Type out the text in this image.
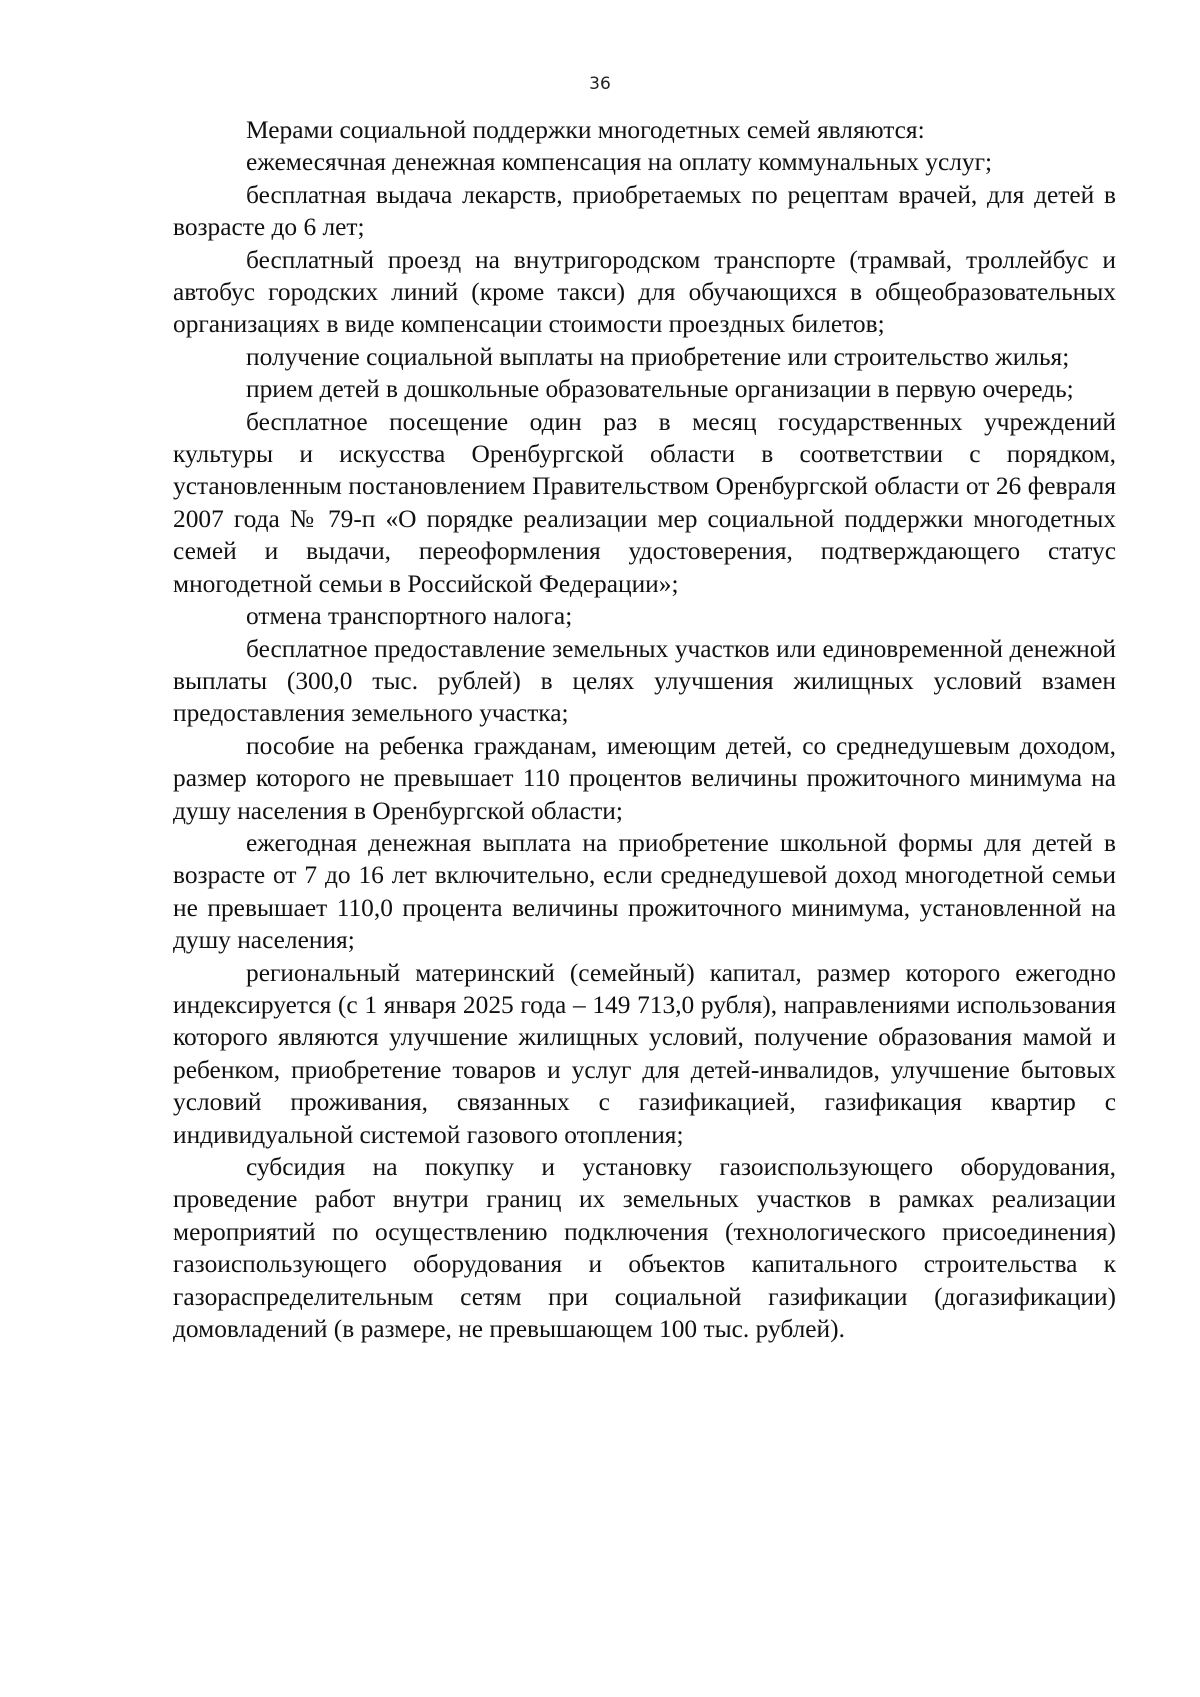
36

Мерами социальной поддержки многодетных семей являются:

ежемесячная денежная компенсация на оплату коммунальных услуг;

бесплатная выдача лекарств, приобретаемых по рецептам врачей, для детей в возрасте до 6 лет;

бесплатный проезд на внутригородском транспорте (трамвай, троллейбус и автобус городских линий (кроме такси) для обучающихся в общеобразовательных организациях в виде компенсации стоимости проездных билетов;

получение социальной выплаты на приобретение или строительство жилья;

прием детей в дошкольные образовательные организации в первую очередь;

бесплатное посещение один раз в месяц государственных учреждений культуры и искусства Оренбургской области в соответствии с порядком, установленным постановлением Правительством Оренбургской области от 26 февраля 2007 года № 79-п «О порядке реализации мер социальной поддержки многодетных семей и выдачи, переоформления удостоверения, подтверждающего статус многодетной семьи в Российской Федерации»;

отмена транспортного налога;

бесплатное предоставление земельных участков или единовременной денежной выплаты (300,0 тыс. рублей) в целях улучшения жилищных условий взамен предоставления земельного участка;

пособие на ребенка гражданам, имеющим детей, со среднедушевым доходом, размер которого не превышает 110 процентов величины прожиточного минимума на душу населения в Оренбургской области;

ежегодная денежная выплата на приобретение школьной формы для детей в возрасте от 7 до 16 лет включительно, если среднедушевой доход многодетной семьи не превышает 110,0 процента величины прожиточного минимума, установленной на душу населения;

региональный материнский (семейный) капитал, размер которого ежегодно индексируется (с 1 января 2025 года – 149 713,0 рубля), направлениями использования которого являются улучшение жилищных условий, получение образования мамой и ребенком, приобретение товаров и услуг для детей-инвалидов, улучшение бытовых условий проживания, связанных с газификацией, газификация квартир с индивидуальной системой газового отопления;

субсидия на покупку и установку газоиспользующего оборудования, проведение работ внутри границ их земельных участков в рамках реализации мероприятий по осуществлению подключения (технологического присоединения) газоиспользующего оборудования и объектов капитального строительства к газораспределительным сетям при социальной газификации (догазификации) домовладений (в размере, не превышающем 100 тыс. рублей).
